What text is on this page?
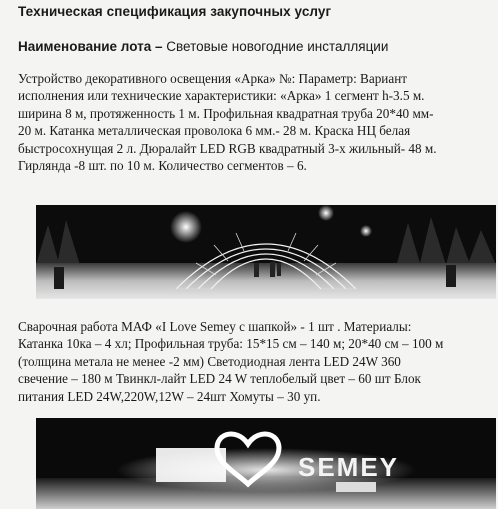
Техническая спецификация закупочных услуг
Наименование лота – Световые новогодние инсталляции

Устройство декоративного освещения «Арка» №: Параметр: Вариант
исполнения или технические характеристики: «Арка» 1 сегмент h-3.5 м.
ширина 8 м, протяженность 1 м. Профильная квадратная труба 20*40 мм-
20 м. Катанка металлическая проволока 6 мм.- 28 м. Краска НЦ белая
быстросохнущая 2 л. Дюралайт LED RGB квадратный 3-х жильный- 48 м.
Гирлянда -8 шт. по 10 м. Количество сегментов – 6.

Сварочная работа МАФ «I Love Semey с шапкой» - 1 шт . Материалы:
Катанка 10ка – 4 хл; Профильная труба: 15*15 см – 140 м; 20*40 см – 100 м
(толщина метала не менее -2 мм) Светодиодная лента LED 24W 360
свечение – 180 м Твинкл-лайт LED 24 W теплобелый цвет – 60 шт Блок
питания LED 24W,220W,12W – 24шт Хомуты – 30 уп.

SEMEY
